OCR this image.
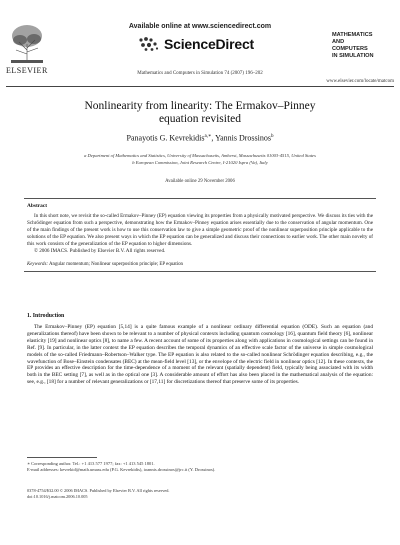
Available online at www.sciencedirect.com
ScienceDirect
ELSEVIER
MATHEMATICS
AND
COMPUTERS
IN SIMULATION
Mathematics and Computers in Simulation 74 (2007) 196–202
www.elsevier.com/locate/matcom
Nonlinearity from linearity: The Ermakov–Pinney
equation revisited
Panayotis G. Kevrekidis$^{a,∗}$, Yannis Drossinos$^b$
a Department of Mathematics and Statistics, University of Massachusetts, Amherst, Massachusetts 01003-4515, United States
b European Commission, Joint Research Centre, I-21020 Ispra (Va), Italy
Available online 29 November 2006
Abstract

In this short note, we revisit the so-called Ermakov–Pinney (EP) equation viewing its properties from a physically motivated perspective. We discuss its ties with the Schrödinger equation from such a perspective, demonstrating how the Ermakov–Pinney equation arises essentially due to the conservation of angular momentum. One of the main findings of the present work is how to use this conservation law to give a simple geometric proof of the nonlinear superposition principle applicable to the solutions of the EP equation. We also present ways in which the EP equation can be generalized and discuss their connections to earlier work. The other main novelty of this work consists of the generalization of the EP equation to higher dimensions.

© 2006 IMACS. Published by Elsevier B.V. All rights reserved.

Keywords: Angular momentum; Nonlinear superposition principle; EP equation
1. Introduction

The Ermakov–Pinney (EP) equation [5,14] is a quite famous example of a nonlinear ordinary differential equation (ODE). Such an equation (and generalizations thereof) have been shown to be relevant to a number of physical contexts including quantum cosmology [16], quantum field theory [6], nonlinear elasticity [19] and nonlinear optics [8], to name a few. A recent account of some of its properties along with applications in cosmological settings can be found in Ref. [9]. In particular, in the latter context the EP equation describes the temporal dynamics of an effective scale factor of the universe in simple cosmological models of the so-called Friedmann–Robertson–Walker type. The EP equation is also related to the so-called nonlinear Schrödinger equation describing, e.g., the wavefunction of Bose–Einstein condensates (BEC) at the mean-field level [13], or the envelope of the electric field in nonlinear optics [12]. In these contexts, the EP provides an effective description for the time-dependence of a moment of the relevant (spatially dependent) field, typically being associated with its width both in the BEC setting [7], as well as in the optical one [3]. A considerable amount of effort has also been placed in the mathematical analysis of the equation: see, e.g., [18] for a number of relevant generalizations or [17,11] for discretizations thereof that preserve some of its properties.

∗ Corresponding author. Tel.: +1 413 577 1977; fax: +1 413 545 1801.
E-mail addresses: kevrekid@math.umass.edu (P.G. Kevrekidis), ioannis.drossinos@jrc.it (Y. Drossinos).
0378-4754/$32.00 © 2006 IMACS. Published by Elsevier B.V. All rights reserved.
doi:10.1016/j.matcom.2006.10.005
